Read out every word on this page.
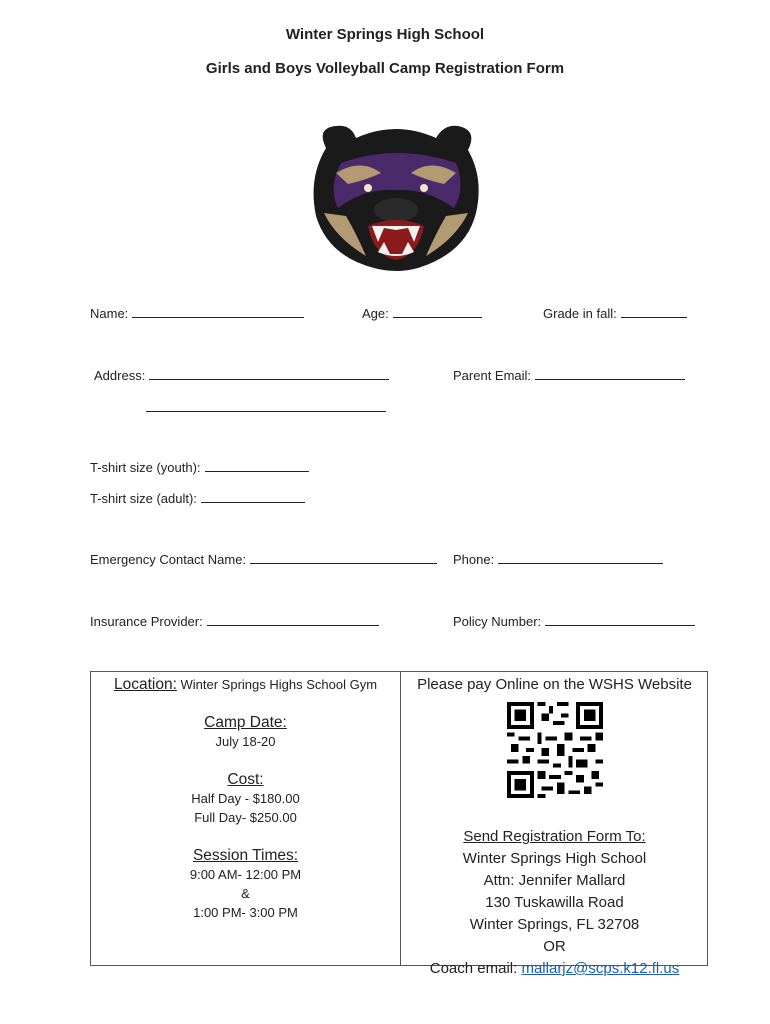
Winter Springs High School
Girls and Boys Volleyball Camp Registration Form
Name:	Age:	Grade in fall:
Address:	Parent Email:
T-shirt size (youth):
T-shirt size (adult):
Emergency Contact Name:	Phone:
Insurance Provider:	Policy Number:
Location: Winter Springs Highs School Gym
Camp Date:
July 18-20
Cost:
Half Day - $180.00
Full Day- $250.00
Session Times:
9:00 AM- 12:00 PM
&
1:00 PM- 3:00 PM
Please pay Online on the WSHS Website
Send Registration Form To:
Winter Springs High School
Attn: Jennifer Mallard
130 Tuskawilla Road
Winter Springs, FL 32708
OR
Coach email: mallarjz@scps.k12.fl.us
